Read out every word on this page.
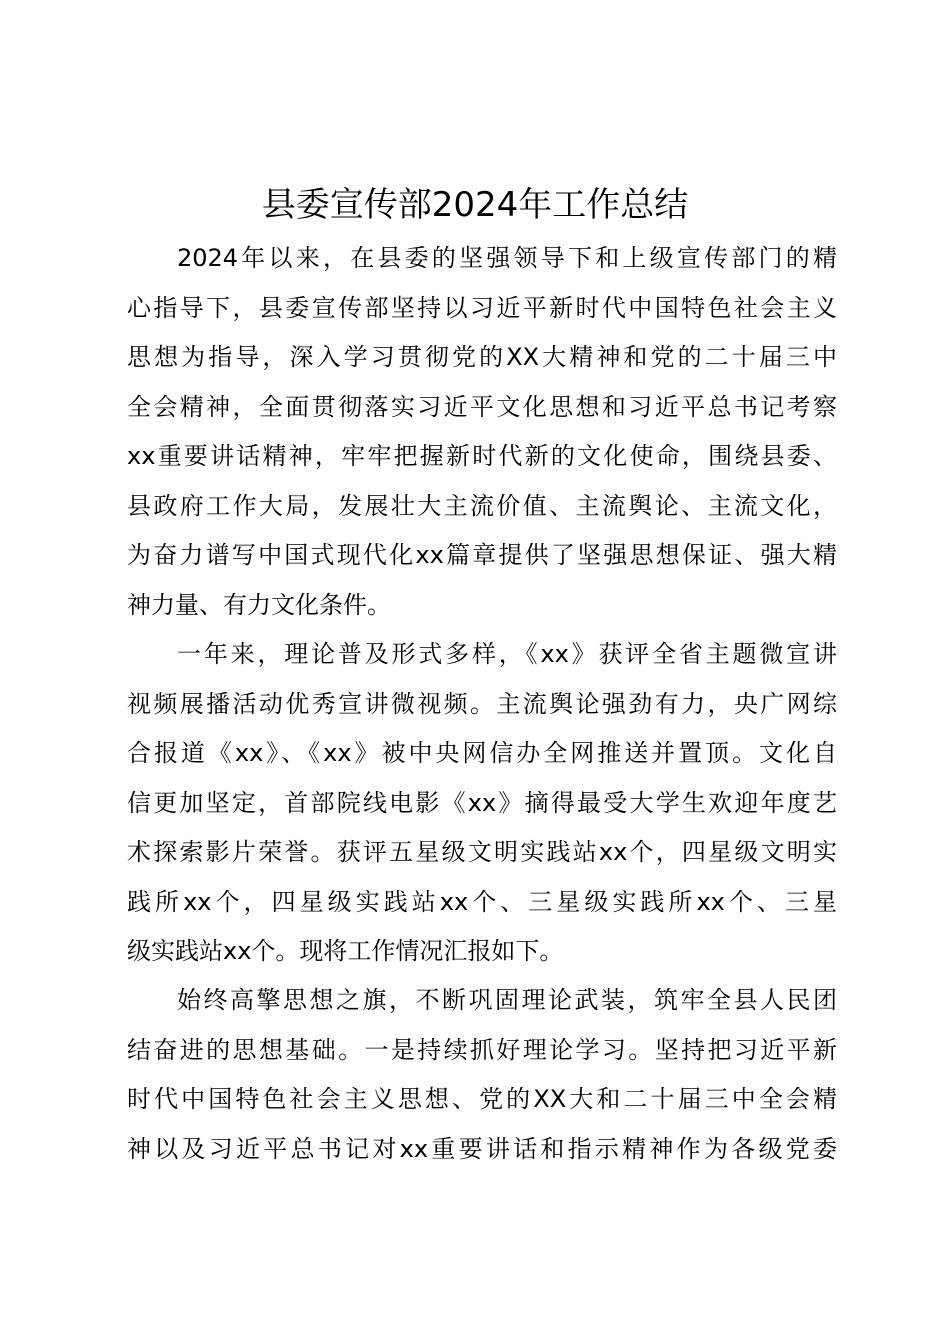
县委宣传部2024年工作总结
2024年以来，在县委的坚强领导下和上级宣传部门的精
心指导下，县委宣传部坚持以习近平新时代中国特色社会主义
思想为指导，深入学习贯彻党的XX大精神和党的二十届三中
全会精神，全面贯彻落实习近平文化思想和习近平总书记考察
xx重要讲话精神，牢牢把握新时代新的文化使命，围绕县委、
县政府工作大局，发展壮大主流价值、主流舆论、主流文化，
为奋力谱写中国式现代化xx篇章提供了坚强思想保证、强大精
神力量、有力文化条件。
一年来，理论普及形式多样，《xx》获评全省主题微宣讲
视频展播活动优秀宣讲微视频。主流舆论强劲有力，央广网综
合报道《xx》、《xx》被中央网信办全网推送并置顶。文化自
信更加坚定，首部院线电影《xx》摘得最受大学生欢迎年度艺
术探索影片荣誉。获评五星级文明实践站xx个，四星级文明实
践所xx个，四星级实践站xx个、三星级实践所xx个、三星
级实践站xx个。现将工作情况汇报如下。
始终高擎思想之旗，不断巩固理论武装，筑牢全县人民团
结奋进的思想基础。一是持续抓好理论学习。坚持把习近平新
时代中国特色社会主义思想、党的XX大和二十届三中全会精
神以及习近平总书记对xx重要讲话和指示精神作为各级党委
